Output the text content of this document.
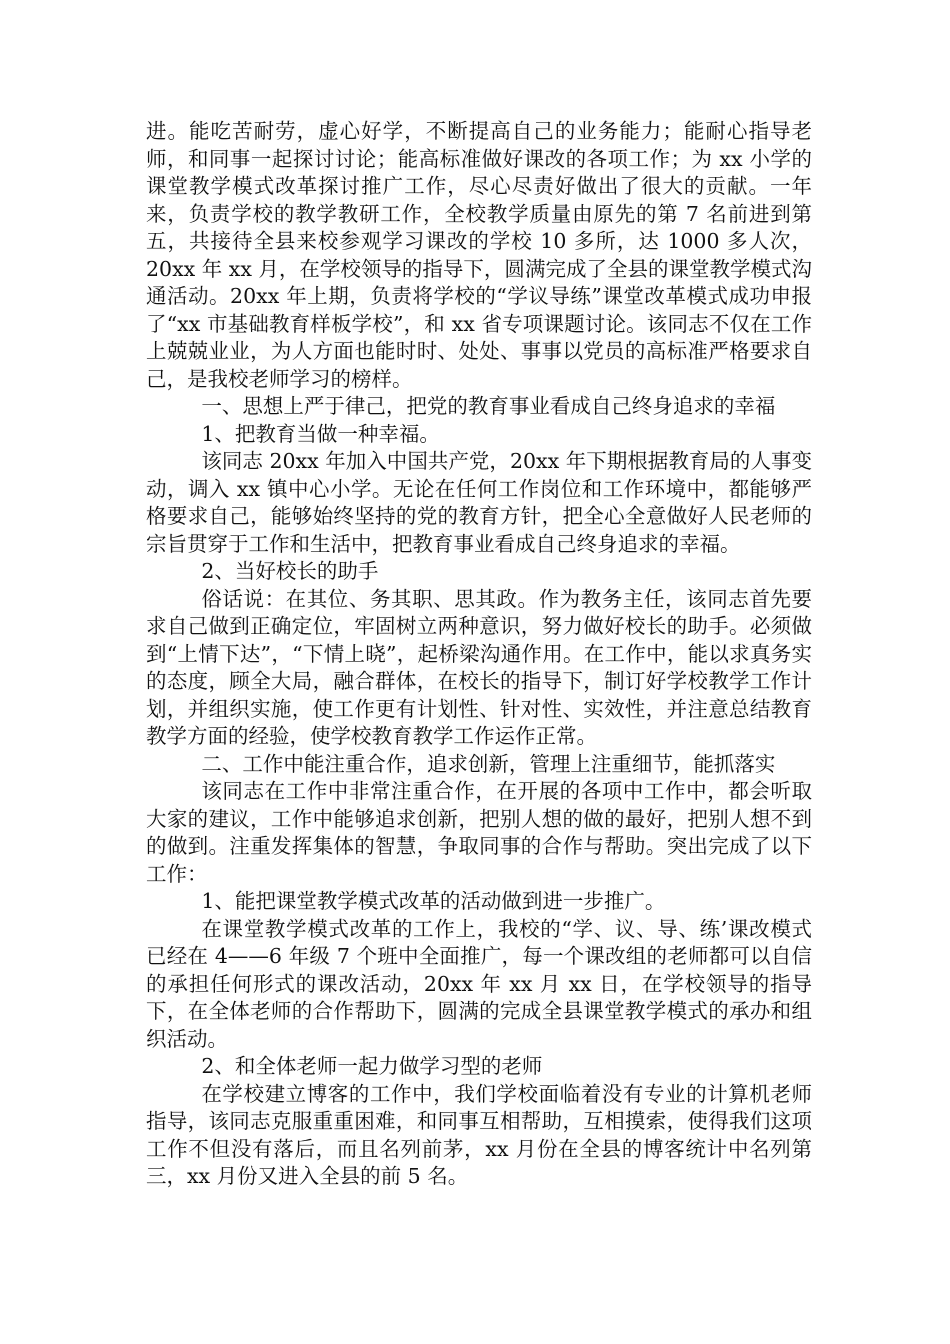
进。能吃苦耐劳，虚心好学，不断提高自己的业务能力；能耐心指导老师，和同事一起探讨讨论；能高标准做好课改的各项工作；为 xx 小学的课堂教学模式改革探讨推广工作，尽心尽责好做出了很大的贡献。一年来，负责学校的教学教研工作，全校教学质量由原先的第 7 名前进到第五，共接待全县来校参观学习课改的学校 10 多所，达 1000 多人次，20xx 年 xx 月，在学校领导的指导下，圆满完成了全县的课堂教学模式沟通活动。20xx 年上期，负责将学校的“学议导练”课堂改革模式成功申报了“xx 市基础教育样板学校”，和 xx 省专项课题讨论。该同志不仅在工作上兢兢业业，为人方面也能时时、处处、事事以党员的高标准严格要求自己，是我校老师学习的榜样。

一、思想上严于律己，把党的教育事业看成自己终身追求的幸福

1、把教育当做一种幸福。

该同志 20xx 年加入中国共产党，20xx 年下期根据教育局的人事变动，调入 xx 镇中心小学。无论在任何工作岗位和工作环境中，都能够严格要求自己，能够始终坚持的党的教育方针，把全心全意做好人民老师的宗旨贯穿于工作和生活中，把教育事业看成自己终身追求的幸福。

2、当好校长的助手

俗话说：在其位、务其职、思其政。作为教务主任，该同志首先要求自己做到正确定位，牢固树立两种意识，努力做好校长的助手。必须做到“上情下达”，“下情上晓”，起桥梁沟通作用。在工作中，能以求真务实的态度，顾全大局，融合群体，在校长的指导下，制订好学校教学工作计划，并组织实施，使工作更有计划性、针对性、实效性，并注意总结教育教学方面的经验，使学校教育教学工作运作正常。

二、工作中能注重合作，追求创新，管理上注重细节，能抓落实

该同志在工作中非常注重合作，在开展的各项中工作中，都会听取大家的建议，工作中能够追求创新，把别人想的做的最好，把别人想不到的做到。注重发挥集体的智慧，争取同事的合作与帮助。突出完成了以下工作：

1、能把课堂教学模式改革的活动做到进一步推广。

在课堂教学模式改革的工作上，我校的“学、议、导、练’课改模式已经在 4——6 年级 7 个班中全面推广，每一个课改组的老师都可以自信的承担任何形式的课改活动，20xx 年 xx 月 xx 日，在学校领导的指导下，在全体老师的合作帮助下，圆满的完成全县课堂教学模式的承办和组织活动。

2、和全体老师一起力做学习型的老师

在学校建立博客的工作中，我们学校面临着没有专业的计算机老师指导，该同志克服重重困难，和同事互相帮助，互相摸索，使得我们这项工作不但没有落后，而且名列前茅，xx 月份在全县的博客统计中名列第三，xx 月份又进入全县的前 5 名。
